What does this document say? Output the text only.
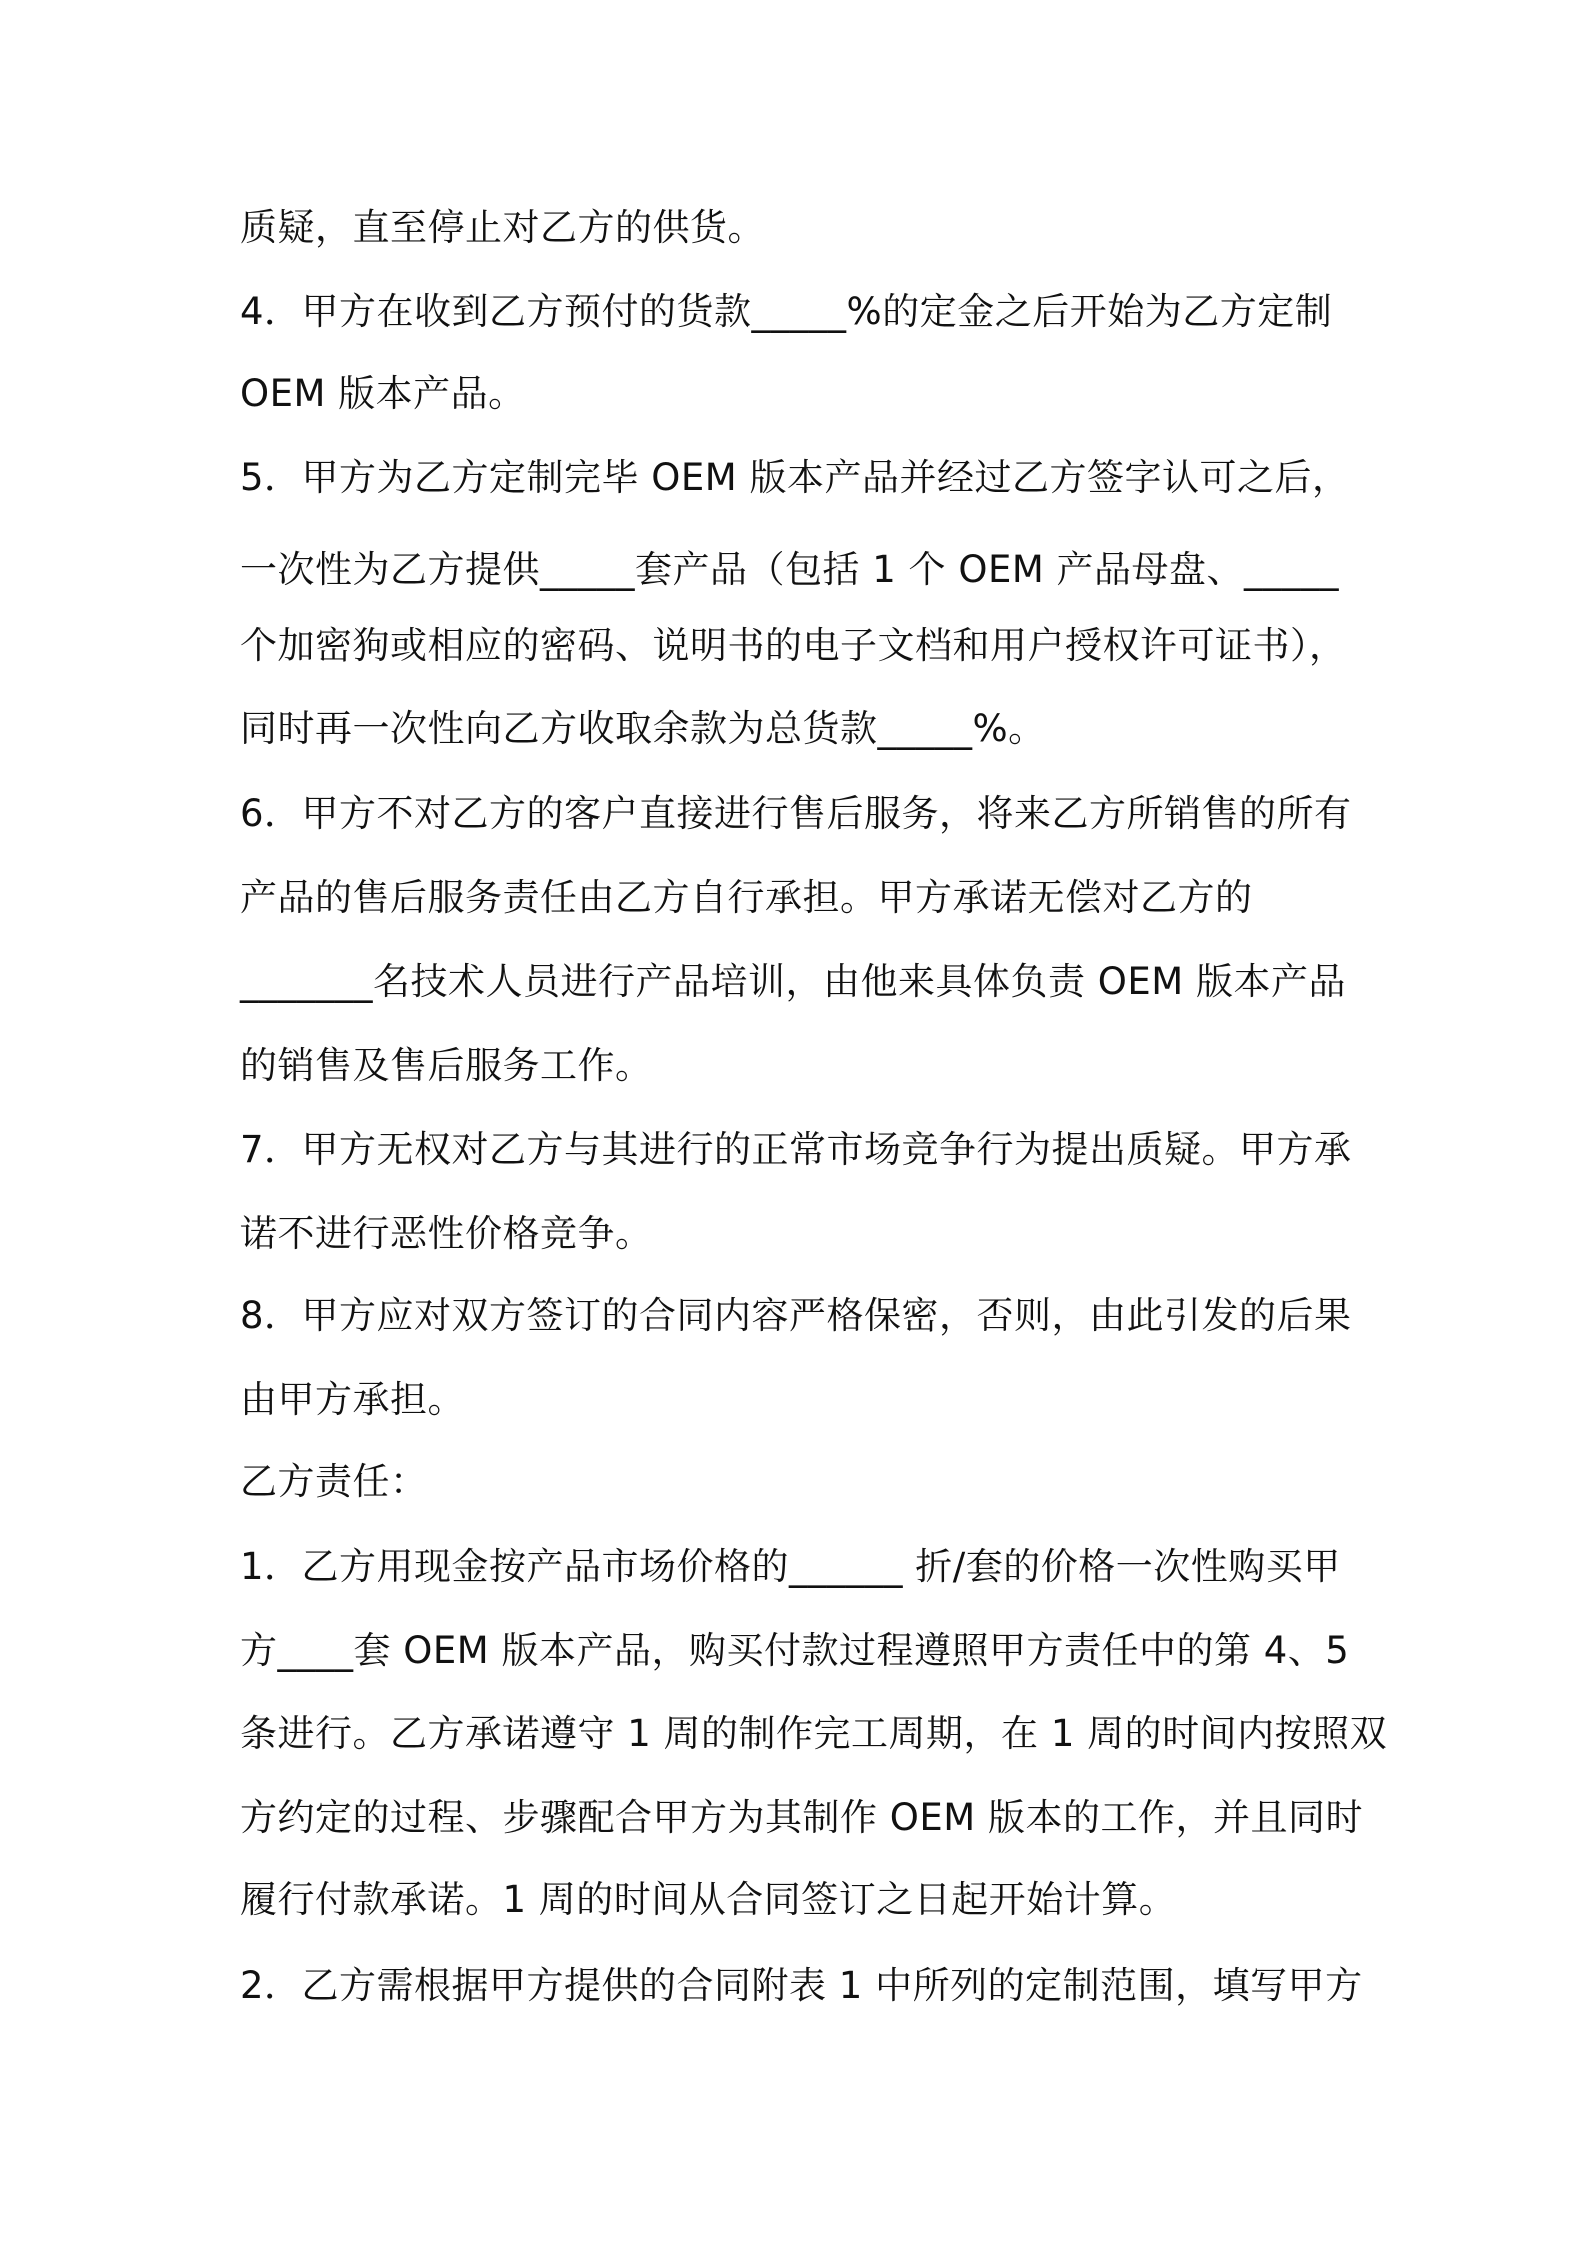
质疑，直至停止对乙方的供货。
4．甲方在收到乙方预付的货款_____%的定金之后开始为乙方定制
OEM 版本产品。
5．甲方为乙方定制完毕 OEM 版本产品并经过乙方签字认可之后，
一次性为乙方提供_____套产品（包括 1 个 OEM 产品母盘、_____
个加密狗或相应的密码、说明书的电子文档和用户授权许可证书），
同时再一次性向乙方收取余款为总货款_____%。
6．甲方不对乙方的客户直接进行售后服务，将来乙方所销售的所有
产品的售后服务责任由乙方自行承担。甲方承诺无偿对乙方的
_______名技术人员进行产品培训，由他来具体负责 OEM 版本产品
的销售及售后服务工作。
7．甲方无权对乙方与其进行的正常市场竞争行为提出质疑。甲方承
诺不进行恶性价格竞争。
8．甲方应对双方签订的合同内容严格保密，否则，由此引发的后果
由甲方承担。
乙方责任：
1．乙方用现金按产品市场价格的______ 折/套的价格一次性购买甲
方____套 OEM 版本产品，购买付款过程遵照甲方责任中的第 4、5
条进行。乙方承诺遵守 1 周的制作完工周期，在 1 周的时间内按照双
方约定的过程、步骤配合甲方为其制作 OEM 版本的工作，并且同时
履行付款承诺。1 周的时间从合同签订之日起开始计算。
2．乙方需根据甲方提供的合同附表 1 中所列的定制范围，填写甲方
